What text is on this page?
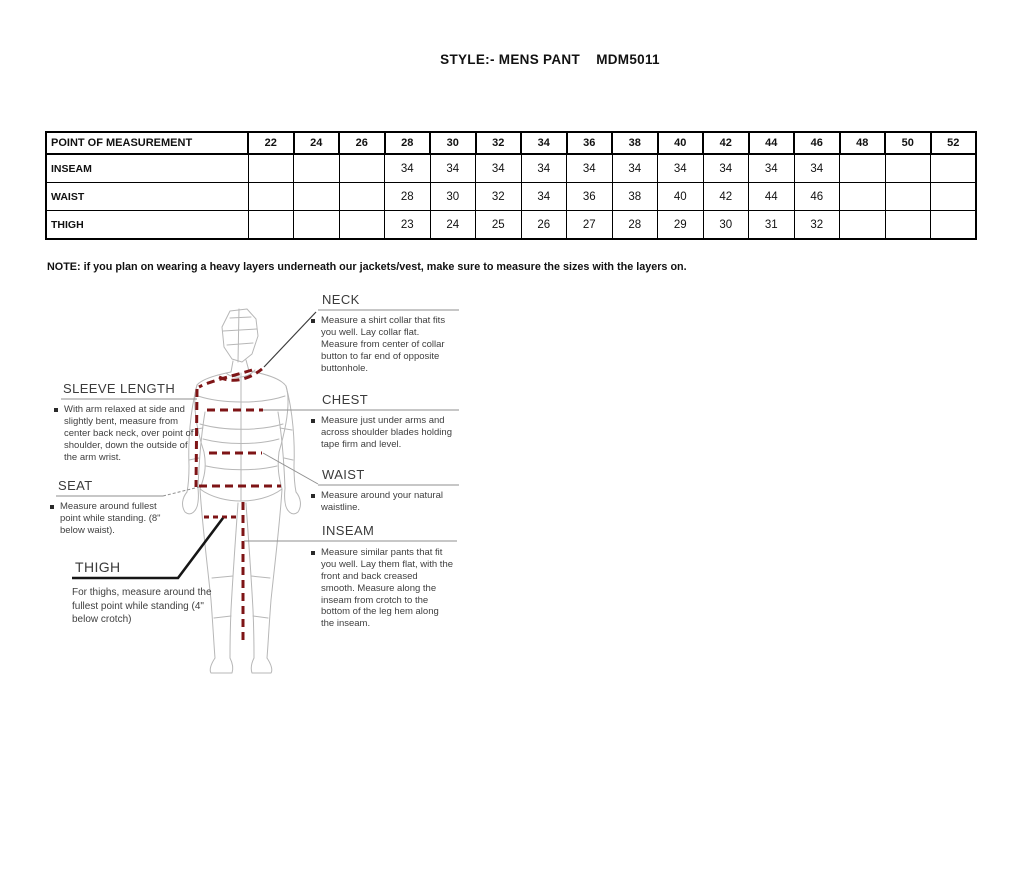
STYLE:- MENS PANT    MDM5011
POINT OF MEASUREMENT	22	24	26	28	30	32	34	36	38	40	42	44	46	48	50	52
INSEAM				34	34	34	34	34	34	34	34	34	34			
WAIST				28	30	32	34	36	38	40	42	44	46			
THIGH				23	24	25	26	27	28	29	30	31	32			
NOTE: if you plan on wearing a heavy layers underneath our jackets/vest, make sure to measure the sizes with the layers on.
NECK
Measure a shirt collar that fits you well. Lay collar flat. Measure from center of collar button to far end of opposite buttonhole.
SLEEVE LENGTH
With arm relaxed at side and slightly bent, measure from center back neck, over point of shoulder, down the outside of the arm wrist.
CHEST
Measure just under arms and across shoulder blades holding tape firm and level.
WAIST
Measure around your natural waistline.
SEAT
Measure around fullest point while standing. (8" below waist).
THIGH
For thighs, measure around the fullest point while standing (4" below crotch)
INSEAM
Measure similar pants that fit you well. Lay them flat, with the front and back creased smooth. Measure along the inseam from crotch to the bottom of the leg hem along the inseam.
